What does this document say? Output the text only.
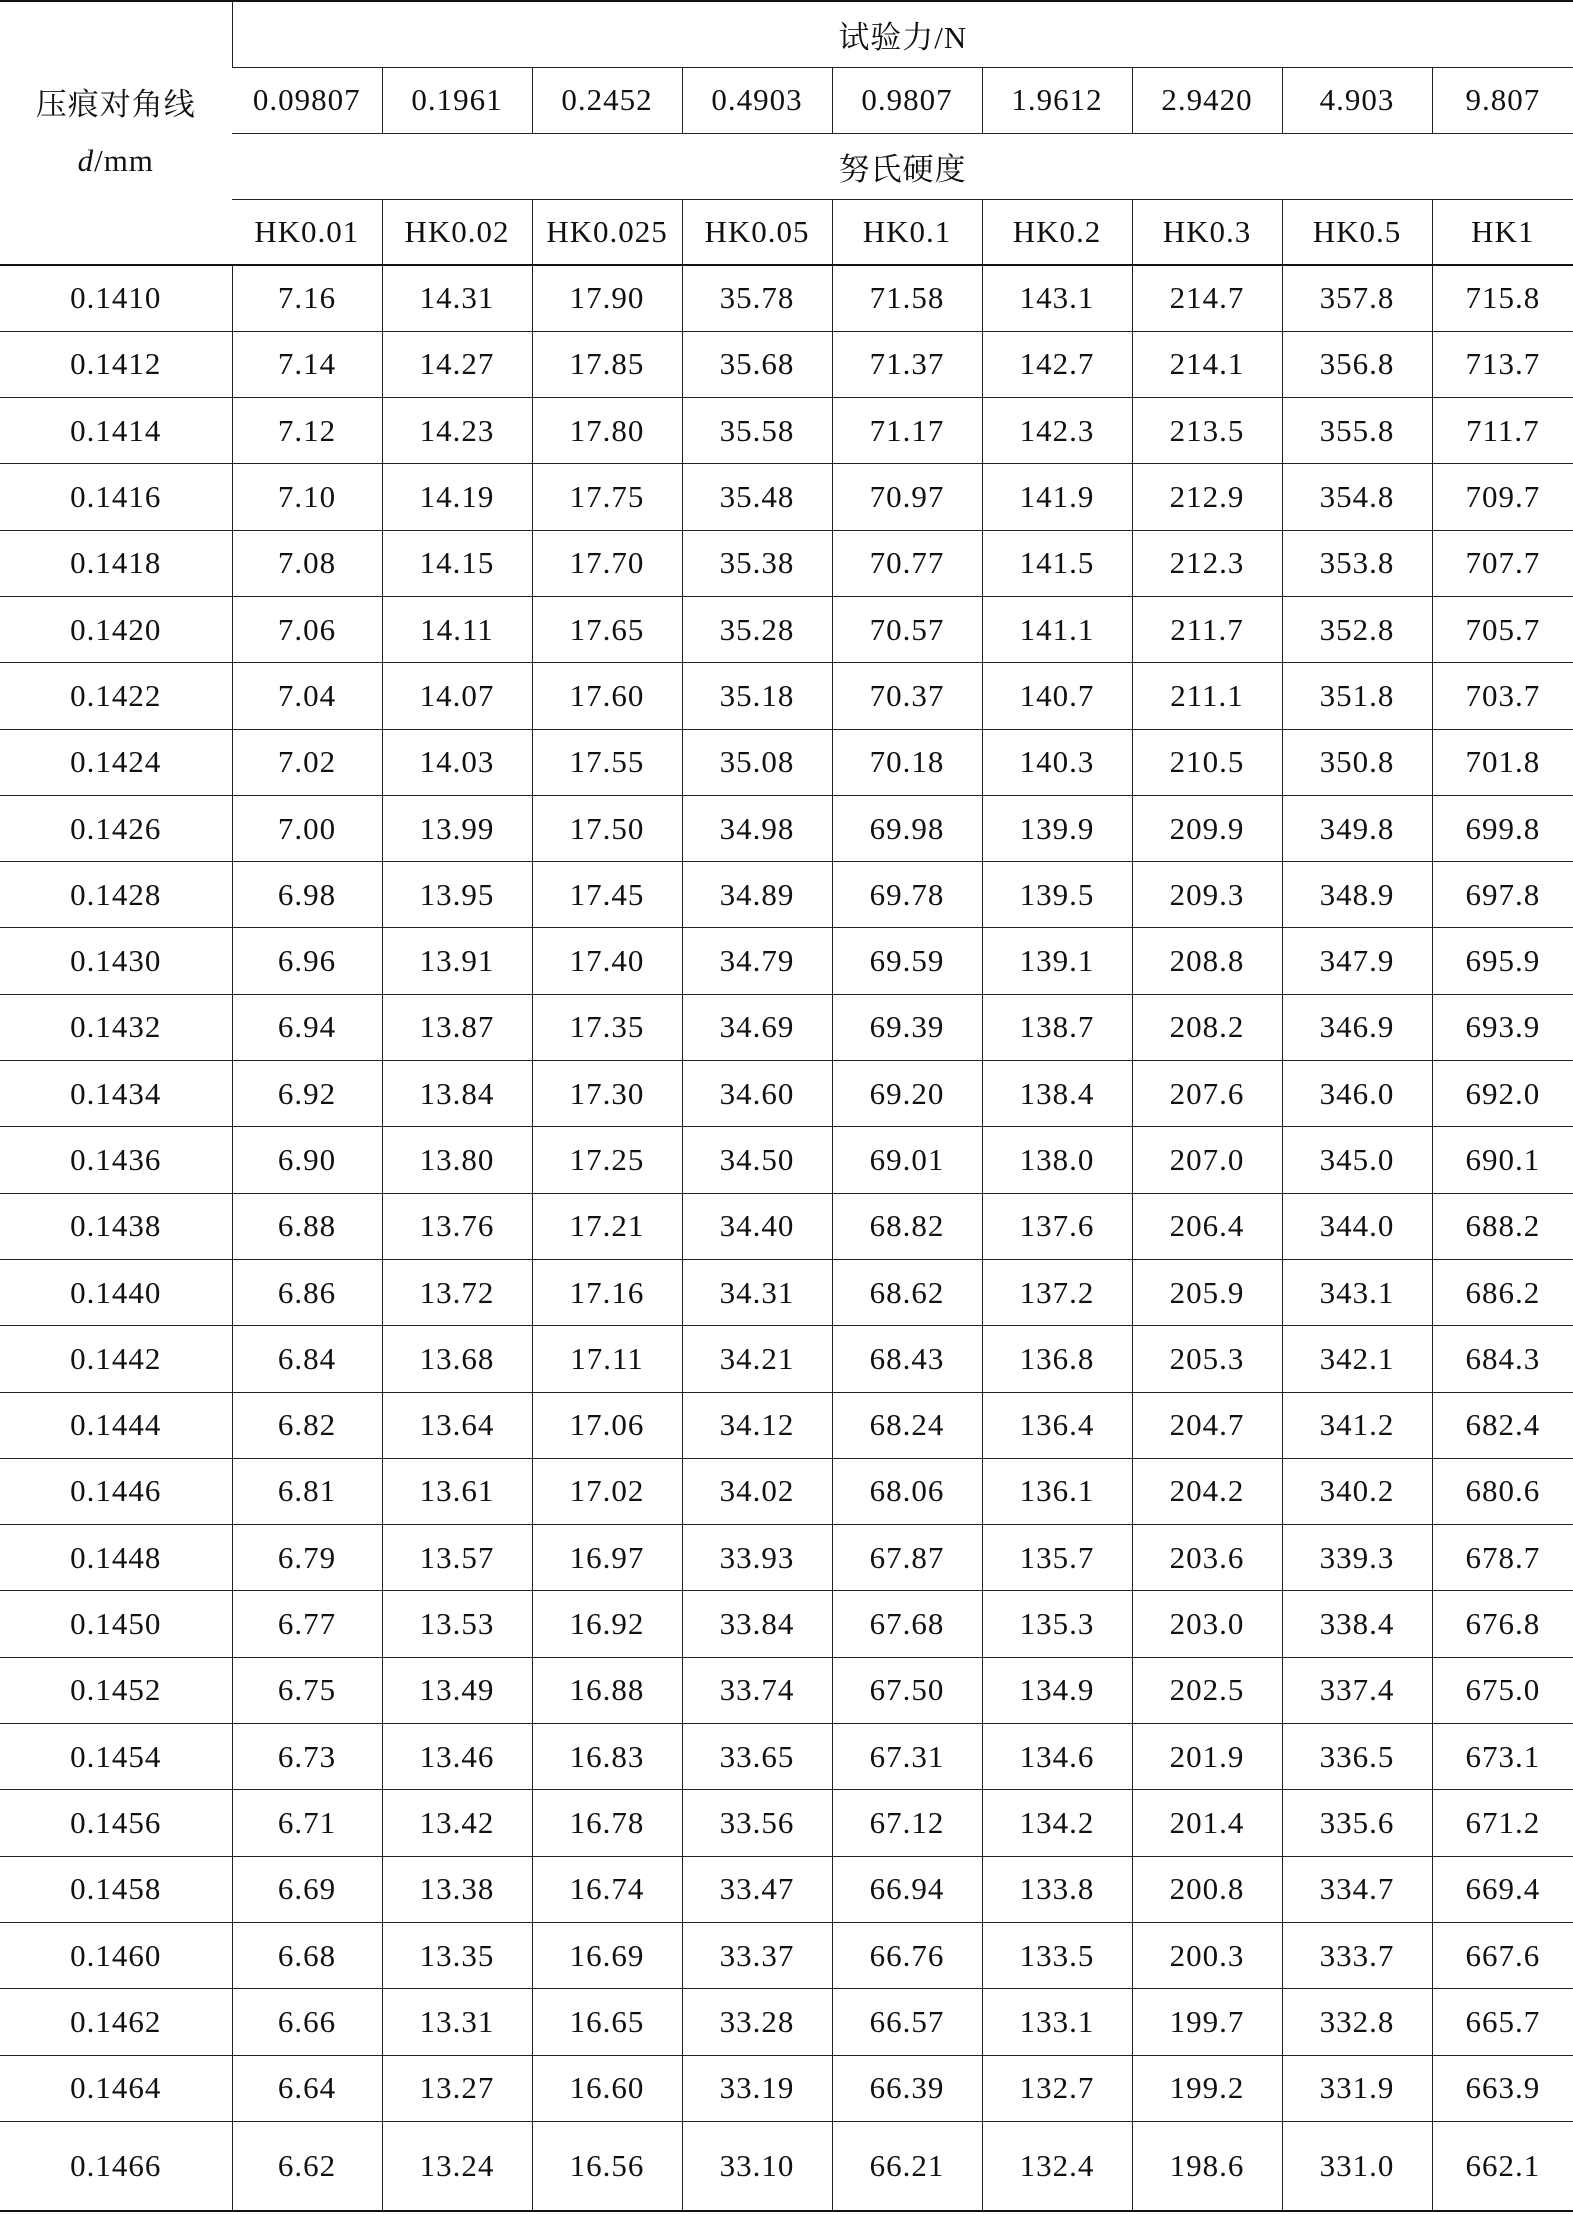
压痕对角线
d/mm	试验力/N								
	0.09807	0.1961	0.2452	0.4903	0.9807	1.9612	2.9420	4.903	9.807
	努氏硬度								
	HK0.01	HK0.02	HK0.025	HK0.05	HK0.1	HK0.2	HK0.3	HK0.5	HK1
0.1410	7.16	14.31	17.90	35.78	71.58	143.1	214.7	357.8	715.8
0.1412	7.14	14.27	17.85	35.68	71.37	142.7	214.1	356.8	713.7
0.1414	7.12	14.23	17.80	35.58	71.17	142.3	213.5	355.8	711.7
0.1416	7.10	14.19	17.75	35.48	70.97	141.9	212.9	354.8	709.7
0.1418	7.08	14.15	17.70	35.38	70.77	141.5	212.3	353.8	707.7
0.1420	7.06	14.11	17.65	35.28	70.57	141.1	211.7	352.8	705.7
0.1422	7.04	14.07	17.60	35.18	70.37	140.7	211.1	351.8	703.7
0.1424	7.02	14.03	17.55	35.08	70.18	140.3	210.5	350.8	701.8
0.1426	7.00	13.99	17.50	34.98	69.98	139.9	209.9	349.8	699.8
0.1428	6.98	13.95	17.45	34.89	69.78	139.5	209.3	348.9	697.8
0.1430	6.96	13.91	17.40	34.79	69.59	139.1	208.8	347.9	695.9
0.1432	6.94	13.87	17.35	34.69	69.39	138.7	208.2	346.9	693.9
0.1434	6.92	13.84	17.30	34.60	69.20	138.4	207.6	346.0	692.0
0.1436	6.90	13.80	17.25	34.50	69.01	138.0	207.0	345.0	690.1
0.1438	6.88	13.76	17.21	34.40	68.82	137.6	206.4	344.0	688.2
0.1440	6.86	13.72	17.16	34.31	68.62	137.2	205.9	343.1	686.2
0.1442	6.84	13.68	17.11	34.21	68.43	136.8	205.3	342.1	684.3
0.1444	6.82	13.64	17.06	34.12	68.24	136.4	204.7	341.2	682.4
0.1446	6.81	13.61	17.02	34.02	68.06	136.1	204.2	340.2	680.6
0.1448	6.79	13.57	16.97	33.93	67.87	135.7	203.6	339.3	678.7
0.1450	6.77	13.53	16.92	33.84	67.68	135.3	203.0	338.4	676.8
0.1452	6.75	13.49	16.88	33.74	67.50	134.9	202.5	337.4	675.0
0.1454	6.73	13.46	16.83	33.65	67.31	134.6	201.9	336.5	673.1
0.1456	6.71	13.42	16.78	33.56	67.12	134.2	201.4	335.6	671.2
0.1458	6.69	13.38	16.74	33.47	66.94	133.8	200.8	334.7	669.4
0.1460	6.68	13.35	16.69	33.37	66.76	133.5	200.3	333.7	667.6
0.1462	6.66	13.31	16.65	33.28	66.57	133.1	199.7	332.8	665.7
0.1464	6.64	13.27	16.60	33.19	66.39	132.7	199.2	331.9	663.9
0.1466	6.62	13.24	16.56	33.10	66.21	132.4	198.6	331.0	662.1
